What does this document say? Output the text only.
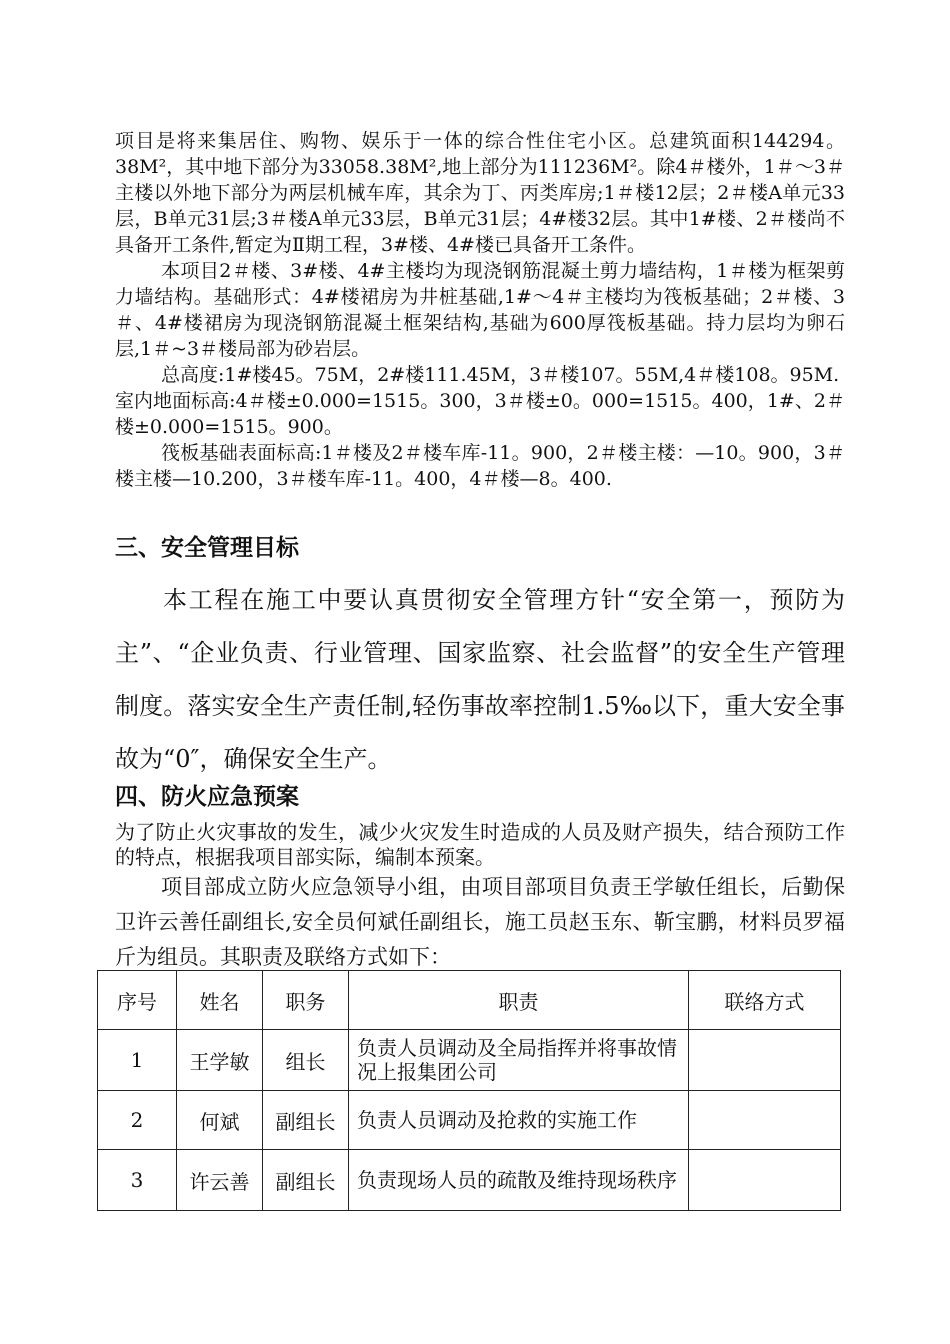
项目是将来集居住、购物、娱乐于一体的综合性住宅小区。总建筑面积144294。38M²，其中地下部分为33058.38M²,地上部分为111236M²。除4＃楼外，1＃～3＃主楼以外地下部分为两层机械车库，其余为丁、丙类库房;1＃楼12层；2＃楼A单元33层，B单元31层;3＃楼A单元33层，B单元31层；4#楼32层。其中1#楼、2＃楼尚不具备开工条件,暂定为Ⅱ期工程，3#楼、4#楼已具备开工条件。

本项目2＃楼、3#楼、4#主楼均为现浇钢筋混凝土剪力墙结构，1＃楼为框架剪力墙结构。基础形式：4#楼裙房为井桩基础,1#～4＃主楼均为筏板基础；2＃楼、3＃、4#楼裙房为现浇钢筋混凝土框架结构,基础为600厚筏板基础。持力层均为卵石层,1＃~3＃楼局部为砂岩层。

总高度:1#楼45。75M，2#楼111.45M，3＃楼107。55M,4＃楼108。95M.

室内地面标高:4＃楼±0.000=1515。300，3＃楼±0。000=1515。400，1#、2＃楼±0.000=1515。900。

筏板基础表面标高:1＃楼及2＃楼车库-11。900，2＃楼主楼：—10。900，3＃楼主楼—10.200，3＃楼车库-11。400，4＃楼—8。400.

三、安全管理目标

本工程在施工中要认真贯彻安全管理方针“安全第一，预防为主”、“企业负责、行业管理、国家监察、社会监督”的安全生产管理制度。落实安全生产责任制,轻伤事故率控制1.5‰以下，重大安全事故为“0″，确保安全生产。

四、防火应急预案

为了防止火灾事故的发生，减少火灾发生时造成的人员及财产损失，结合预防工作的特点，根据我项目部实际，编制本预案。

项目部成立防火应急领导小组，由项目部项目负责王学敏任组长，后勤保卫许云善任副组长,安全员何斌任副组长，施工员赵玉东、靳宝鹏，材料员罗福斤为组员。其职责及联络方式如下：

序号	姓名	职务	职责	联络方式
1	王学敏	组长	负责人员调动及全局指挥并将事故情况上报集团公司	
2	何斌	副组长	负责人员调动及抢救的实施工作	
3	许云善	副组长	负责现场人员的疏散及维持现场秩序	
